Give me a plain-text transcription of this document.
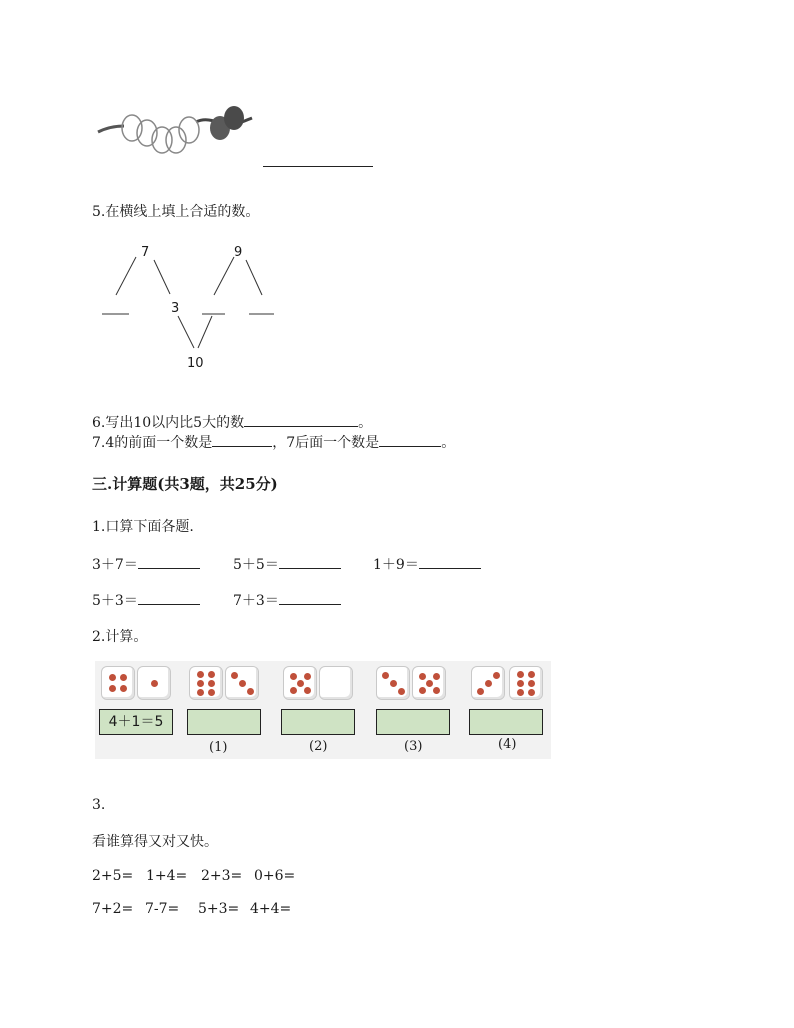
5.在横线上填上合适的数。
7
3
9
10
6.写出10以内比5大的数	。
7.4的前面一个数是	，7后面一个数是	。
三.计算题(共3题，共25分)
1.口算下面各题.
3＋7＝	5＋5＝	1＋9＝
5＋3＝	7＋3＝
2.计算。
4＋1＝5
(1)	(2)	(3)	(4)
3.
看谁算得又对又快。
2+5= 1+4= 2+3= 0+6=
7+2= 7-7= 5+3= 4+4=
